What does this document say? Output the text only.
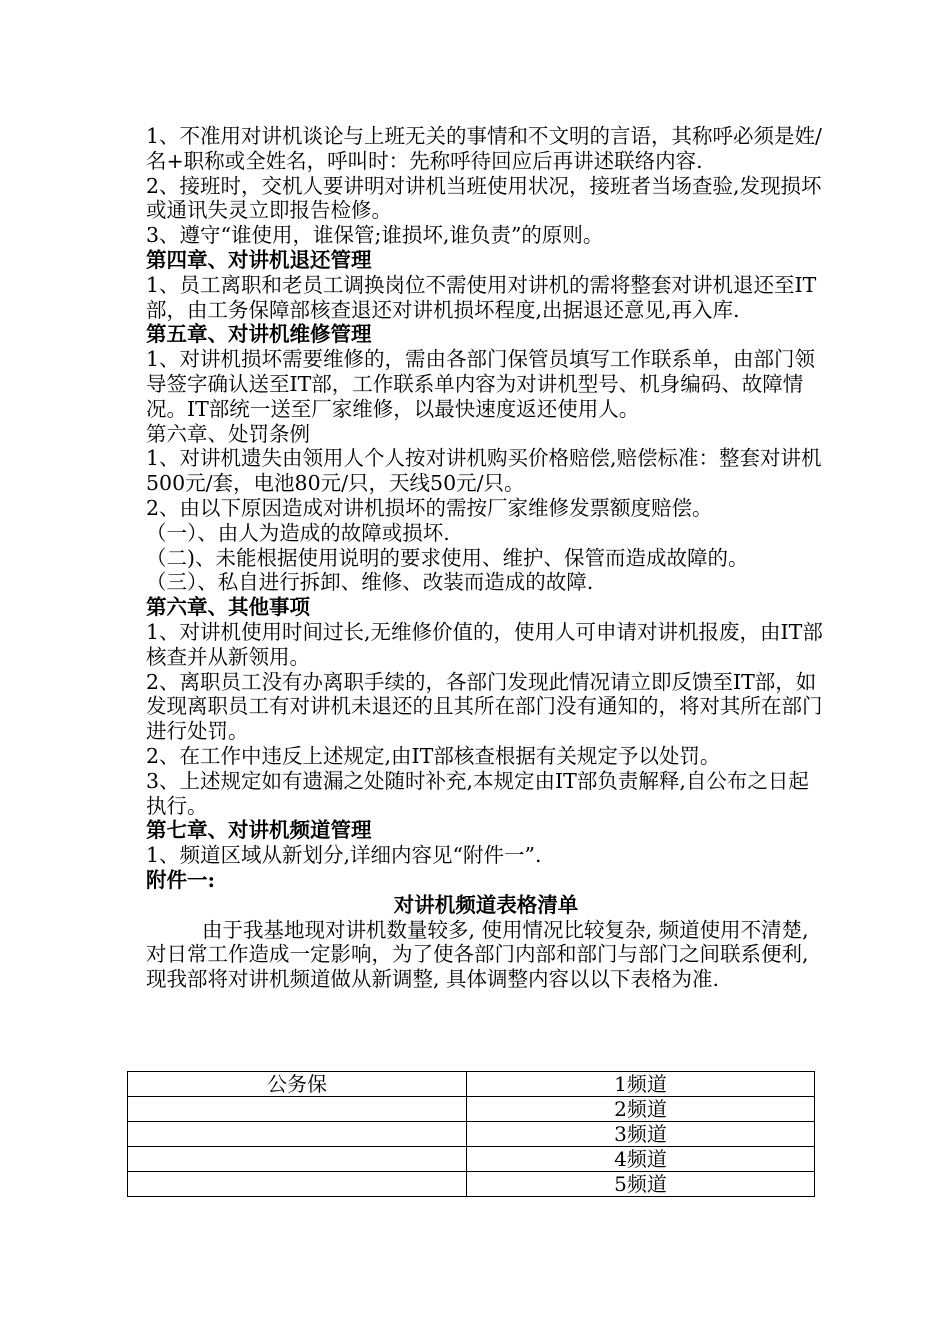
1、不准用对讲机谈论与上班无关的事情和不文明的言语，其称呼必须是姓/名+职称或全姓名，呼叫时：先称呼待回应后再讲述联络内容.

2、接班时，交机人要讲明对讲机当班使用状况，接班者当场查验,发现损坏或通讯失灵立即报告检修。

3、遵守“谁使用，谁保管;谁损坏,谁负责”的原则。

第四章、对讲机退还管理

1、员工离职和老员工调换岗位不需使用对讲机的需将整套对讲机退还至IT部，由工务保障部核查退还对讲机损坏程度,出据退还意见,再入库.

第五章、对讲机维修管理

1、对讲机损坏需要维修的，需由各部门保管员填写工作联系单，由部门领导签字确认送至IT部，工作联系单内容为对讲机型号、机身编码、故障情况。IT部统一送至厂家维修，以最快速度返还使用人。

第六章、处罚条例

1、对讲机遗失由领用人个人按对讲机购买价格赔偿,赔偿标准：整套对讲机500元/套，电池80元/只，天线50元/只。

2、由以下原因造成对讲机损坏的需按厂家维修发票额度赔偿。

（一）、由人为造成的故障或损坏.

（二)、未能根据使用说明的要求使用、维护、保管而造成故障的。

（三）、私自进行拆卸、维修、改装而造成的故障.

第六章、其他事项

1、对讲机使用时间过长,无维修价值的，使用人可申请对讲机报废，由IT部核查并从新领用。

2、离职员工没有办离职手续的，各部门发现此情况请立即反馈至IT部，如发现离职员工有对讲机未退还的且其所在部门没有通知的，将对其所在部门进行处罚。

2、在工作中违反上述规定,由IT部核查根据有关规定予以处罚。

3、上述规定如有遗漏之处随时补充,本规定由IT部负责解释,自公布之日起执行。

第七章、对讲机频道管理

1、频道区域从新划分,详细内容见“附件一”.

附件一:

对讲机频道表格清单

由于我基地现对讲机数量较多, 使用情况比较复杂, 频道使用不清楚, 对日常工作造成一定影响，为了使各部门内部和部门与部门之间联系便利, 现我部将对讲机频道做从新调整, 具体调整内容以以下表格为准.

公务保	1频道
	2频道
	3频道
	4频道
	5频道
